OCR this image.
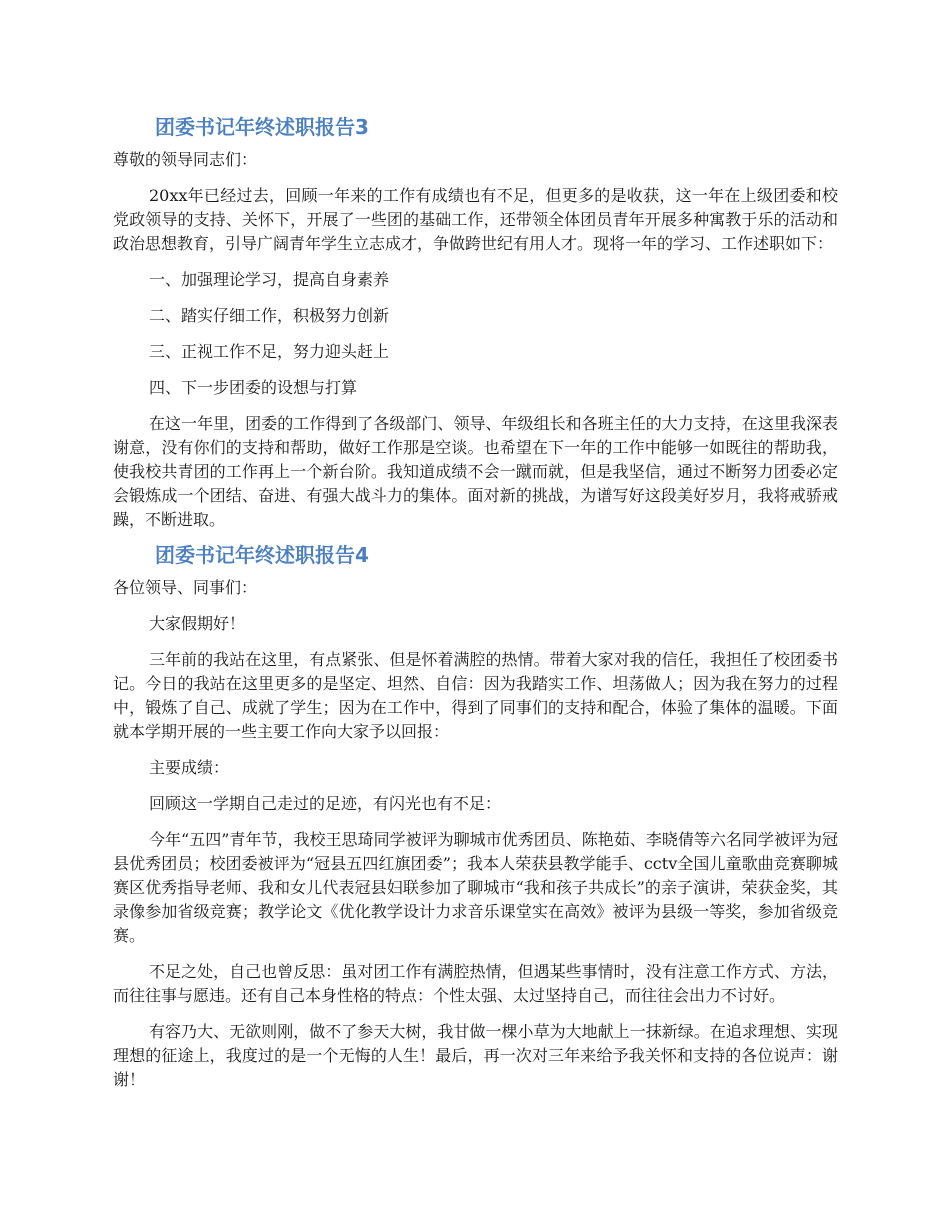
团委书记年终述职报告3

尊敬的领导同志们：

20xx年已经过去，回顾一年来的工作有成绩也有不足，但更多的是收获，这一年在上级团委和校党政领导的支持、关怀下，开展了一些团的基础工作，还带领全体团员青年开展多种寓教于乐的活动和政治思想教育，引导广阔青年学生立志成才，争做跨世纪有用人才。现将一年的学习、工作述职如下：

一、加强理论学习，提高自身素养

二、踏实仔细工作，积极努力创新

三、正视工作不足，努力迎头赶上

四、下一步团委的设想与打算

在这一年里，团委的工作得到了各级部门、领导、年级组长和各班主任的大力支持，在这里我深表谢意，没有你们的支持和帮助，做好工作那是空谈。也希望在下一年的工作中能够一如既往的帮助我，使我校共青团的工作再上一个新台阶。我知道成绩不会一蹴而就，但是我坚信，通过不断努力团委必定会锻炼成一个团结、奋进、有强大战斗力的集体。面对新的挑战，为谱写好这段美好岁月，我将戒骄戒躁，不断进取。

团委书记年终述职报告4

各位领导、同事们：

大家假期好！

三年前的我站在这里，有点紧张、但是怀着满腔的热情。带着大家对我的信任，我担任了校团委书记。今日的我站在这里更多的是坚定、坦然、自信：因为我踏实工作、坦荡做人；因为我在努力的过程中，锻炼了自己、成就了学生；因为在工作中，得到了同事们的支持和配合，体验了集体的温暖。下面就本学期开展的一些主要工作向大家予以回报：

主要成绩：

回顾这一学期自己走过的足迹，有闪光也有不足：

今年“五四”青年节，我校王思琦同学被评为聊城市优秀团员、陈艳茹、李晓倩等六名同学被评为冠县优秀团员；校团委被评为“冠县五四红旗团委”；我本人荣获县教学能手、cctv全国儿童歌曲竞赛聊城赛区优秀指导老师、我和女儿代表冠县妇联参加了聊城市“我和孩子共成长”的亲子演讲，荣获金奖，其录像参加省级竞赛；教学论文《优化教学设计力求音乐课堂实在高效》被评为县级一等奖，参加省级竞赛。

不足之处，自己也曾反思：虽对团工作有满腔热情，但遇某些事情时，没有注意工作方式、方法，而往往事与愿违。还有自己本身性格的特点：个性太强、太过坚持自己，而往往会出力不讨好。

有容乃大、无欲则刚，做不了参天大树，我甘做一棵小草为大地献上一抹新绿。在追求理想、实现理想的征途上，我度过的是一个无悔的人生！最后，再一次对三年来给予我关怀和支持的各位说声：谢谢！
